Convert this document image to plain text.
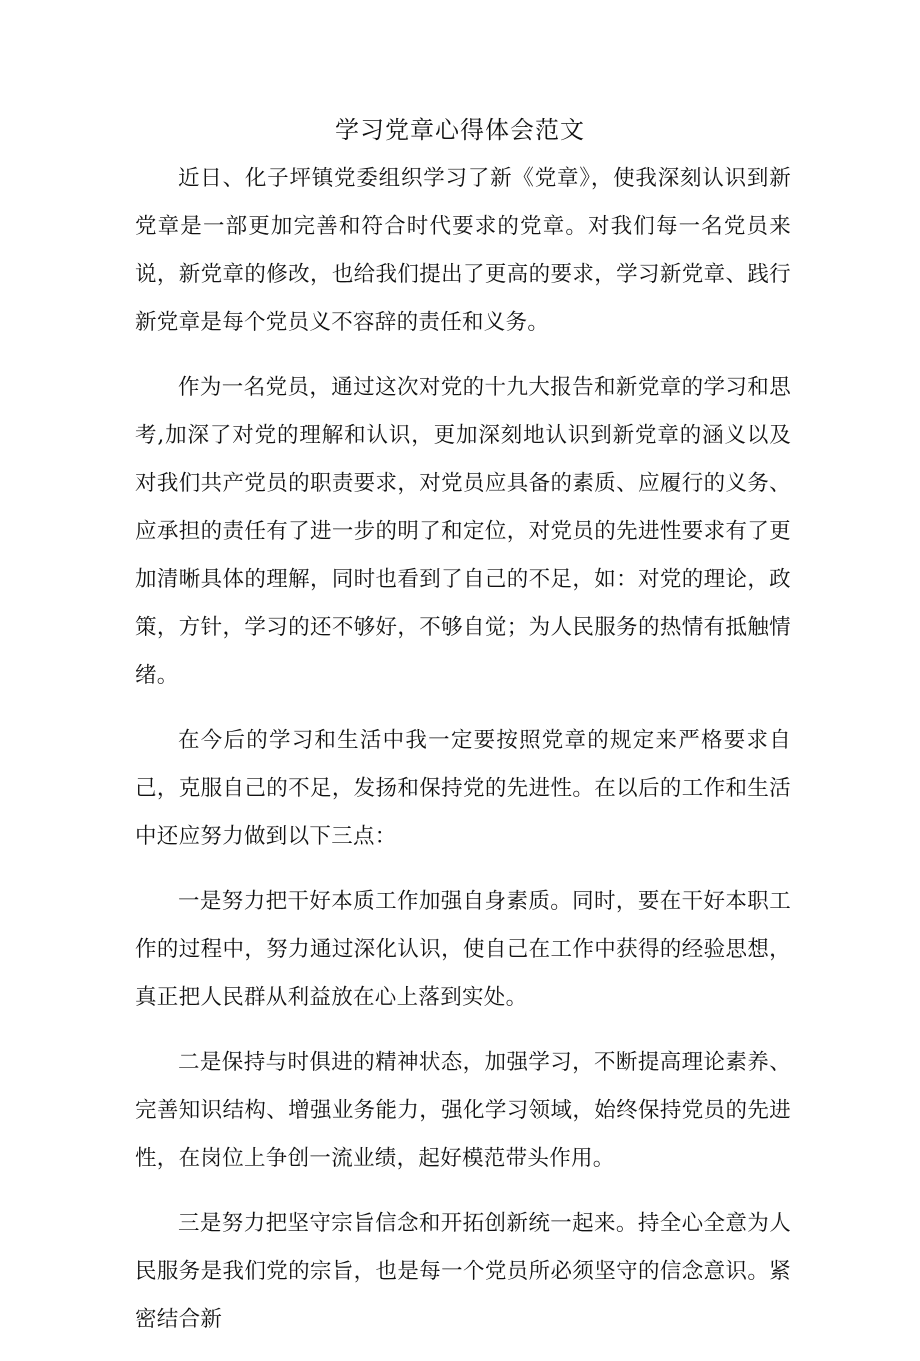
学习党章心得体会范文

近日、化子坪镇党委组织学习了新《党章》，使我深刻认识到新党章是一部更加完善和符合时代要求的党章。对我们每一名党员来说，新党章的修改，也给我们提出了更高的要求，学习新党章、践行新党章是每个党员义不容辞的责任和义务。

作为一名党员，通过这次对党的十九大报告和新党章的学习和思考,加深了对党的理解和认识，更加深刻地认识到新党章的涵义以及对我们共产党员的职责要求，对党员应具备的素质、应履行的义务、应承担的责任有了进一步的明了和定位，对党员的先进性要求有了更加清晰具体的理解，同时也看到了自己的不足，如：对党的理论，政策，方针，学习的还不够好，不够自觉；为人民服务的热情有抵触情绪。

在今后的学习和生活中我一定要按照党章的规定来严格要求自己，克服自己的不足，发扬和保持党的先进性。在以后的工作和生活中还应努力做到以下三点：

一是努力把干好本质工作加强自身素质。同时，要在干好本职工作的过程中，努力通过深化认识，使自己在工作中获得的经验思想，真正把人民群从利益放在心上落到实处。

二是保持与时俱进的精神状态，加强学习，不断提高理论素养、完善知识结构、增强业务能力，强化学习领域，始终保持党员的先进性，在岗位上争创一流业绩，起好模范带头作用。

三是努力把坚守宗旨信念和开拓创新统一起来。持全心全意为人民服务是我们党的宗旨，也是每一个党员所必须坚守的信念意识。紧密结合新
